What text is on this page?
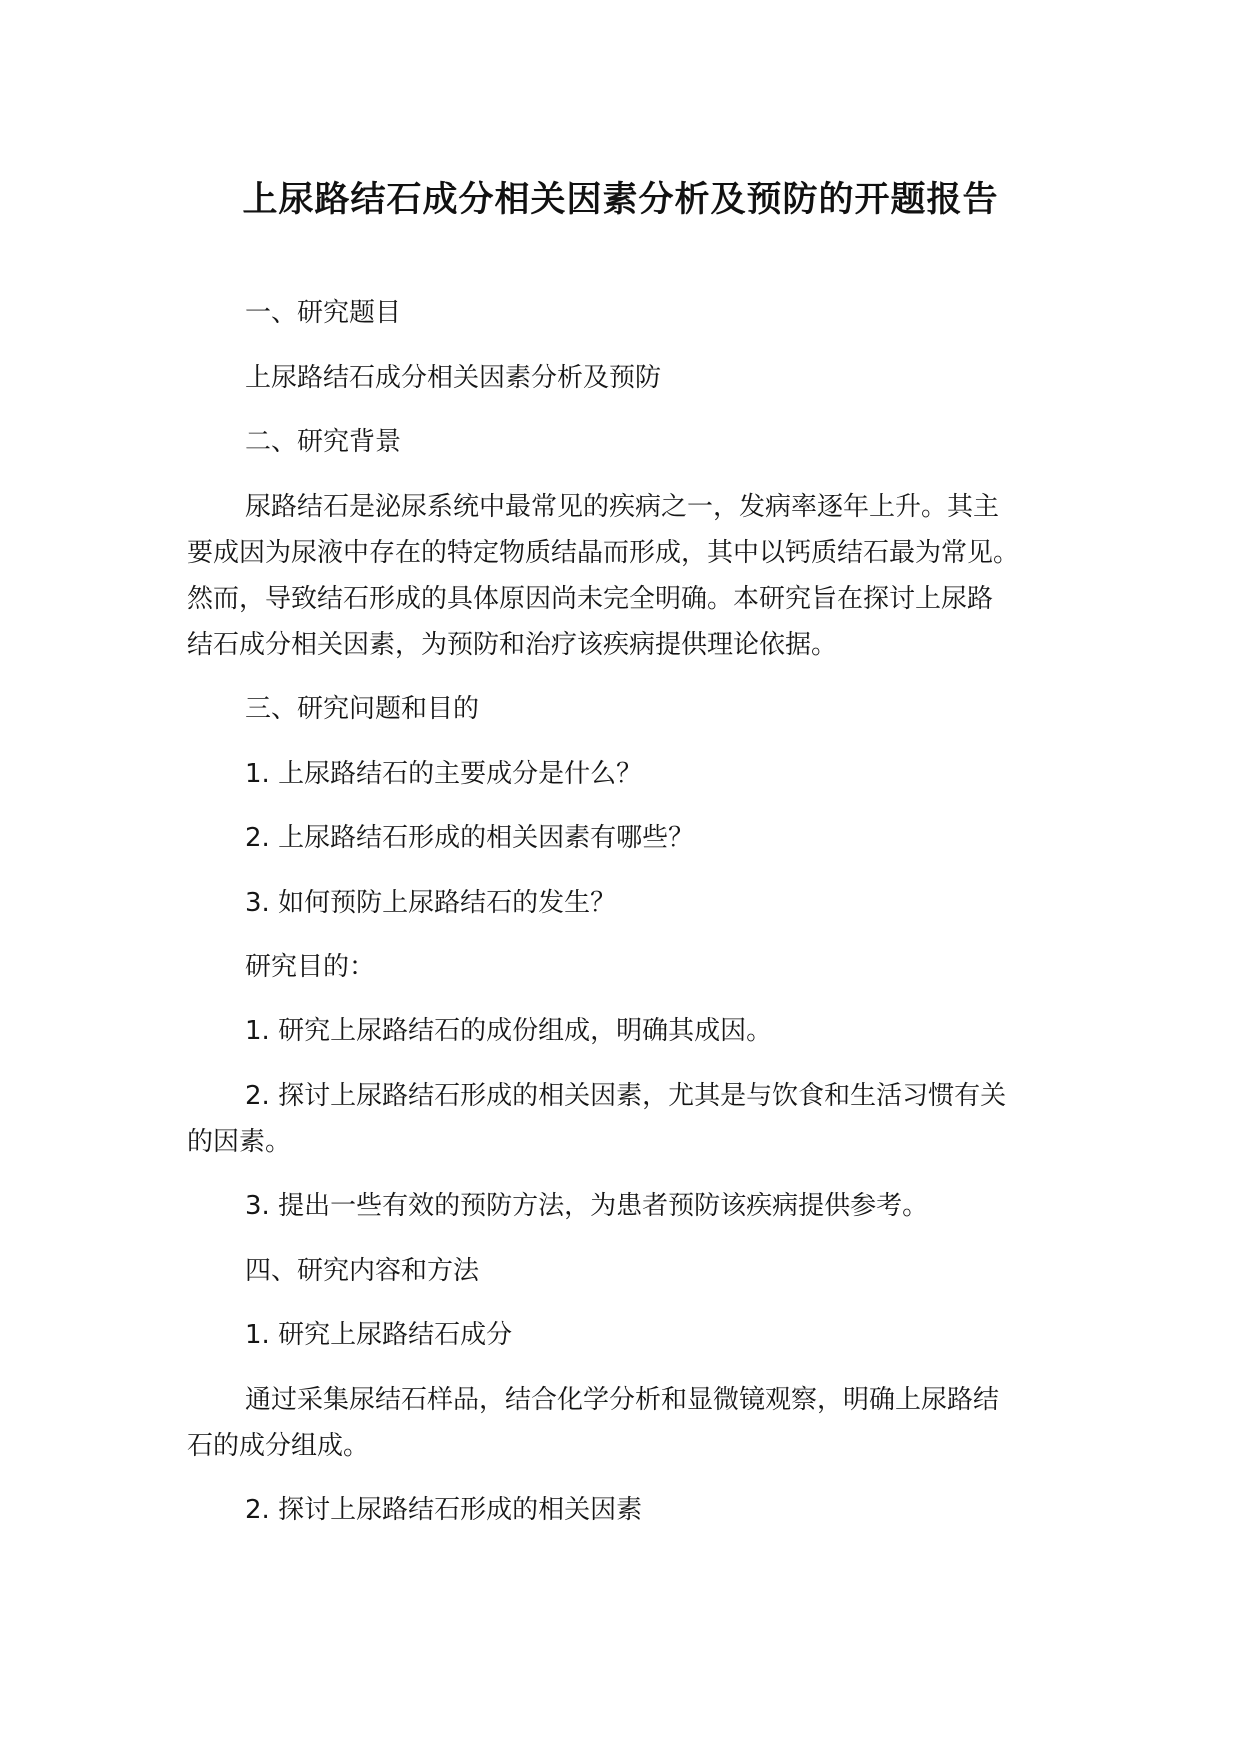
上尿路结石成分相关因素分析及预防的开题报告
一、研究题目
上尿路结石成分相关因素分析及预防
二、研究背景
尿路结石是泌尿系统中最常见的疾病之一，发病率逐年上升。其主
要成因为尿液中存在的特定物质结晶而形成，其中以钙质结石最为常见。
然而，导致结石形成的具体原因尚未完全明确。本研究旨在探讨上尿路
结石成分相关因素，为预防和治疗该疾病提供理论依据。
三、研究问题和目的
1. 上尿路结石的主要成分是什么？
2. 上尿路结石形成的相关因素有哪些？
3. 如何预防上尿路结石的发生？
研究目的：
1. 研究上尿路结石的成份组成，明确其成因。
2. 探讨上尿路结石形成的相关因素，尤其是与饮食和生活习惯有关
的因素。
3. 提出一些有效的预防方法，为患者预防该疾病提供参考。
四、研究内容和方法
1. 研究上尿路结石成分
通过采集尿结石样品，结合化学分析和显微镜观察，明确上尿路结
石的成分组成。
2. 探讨上尿路结石形成的相关因素
